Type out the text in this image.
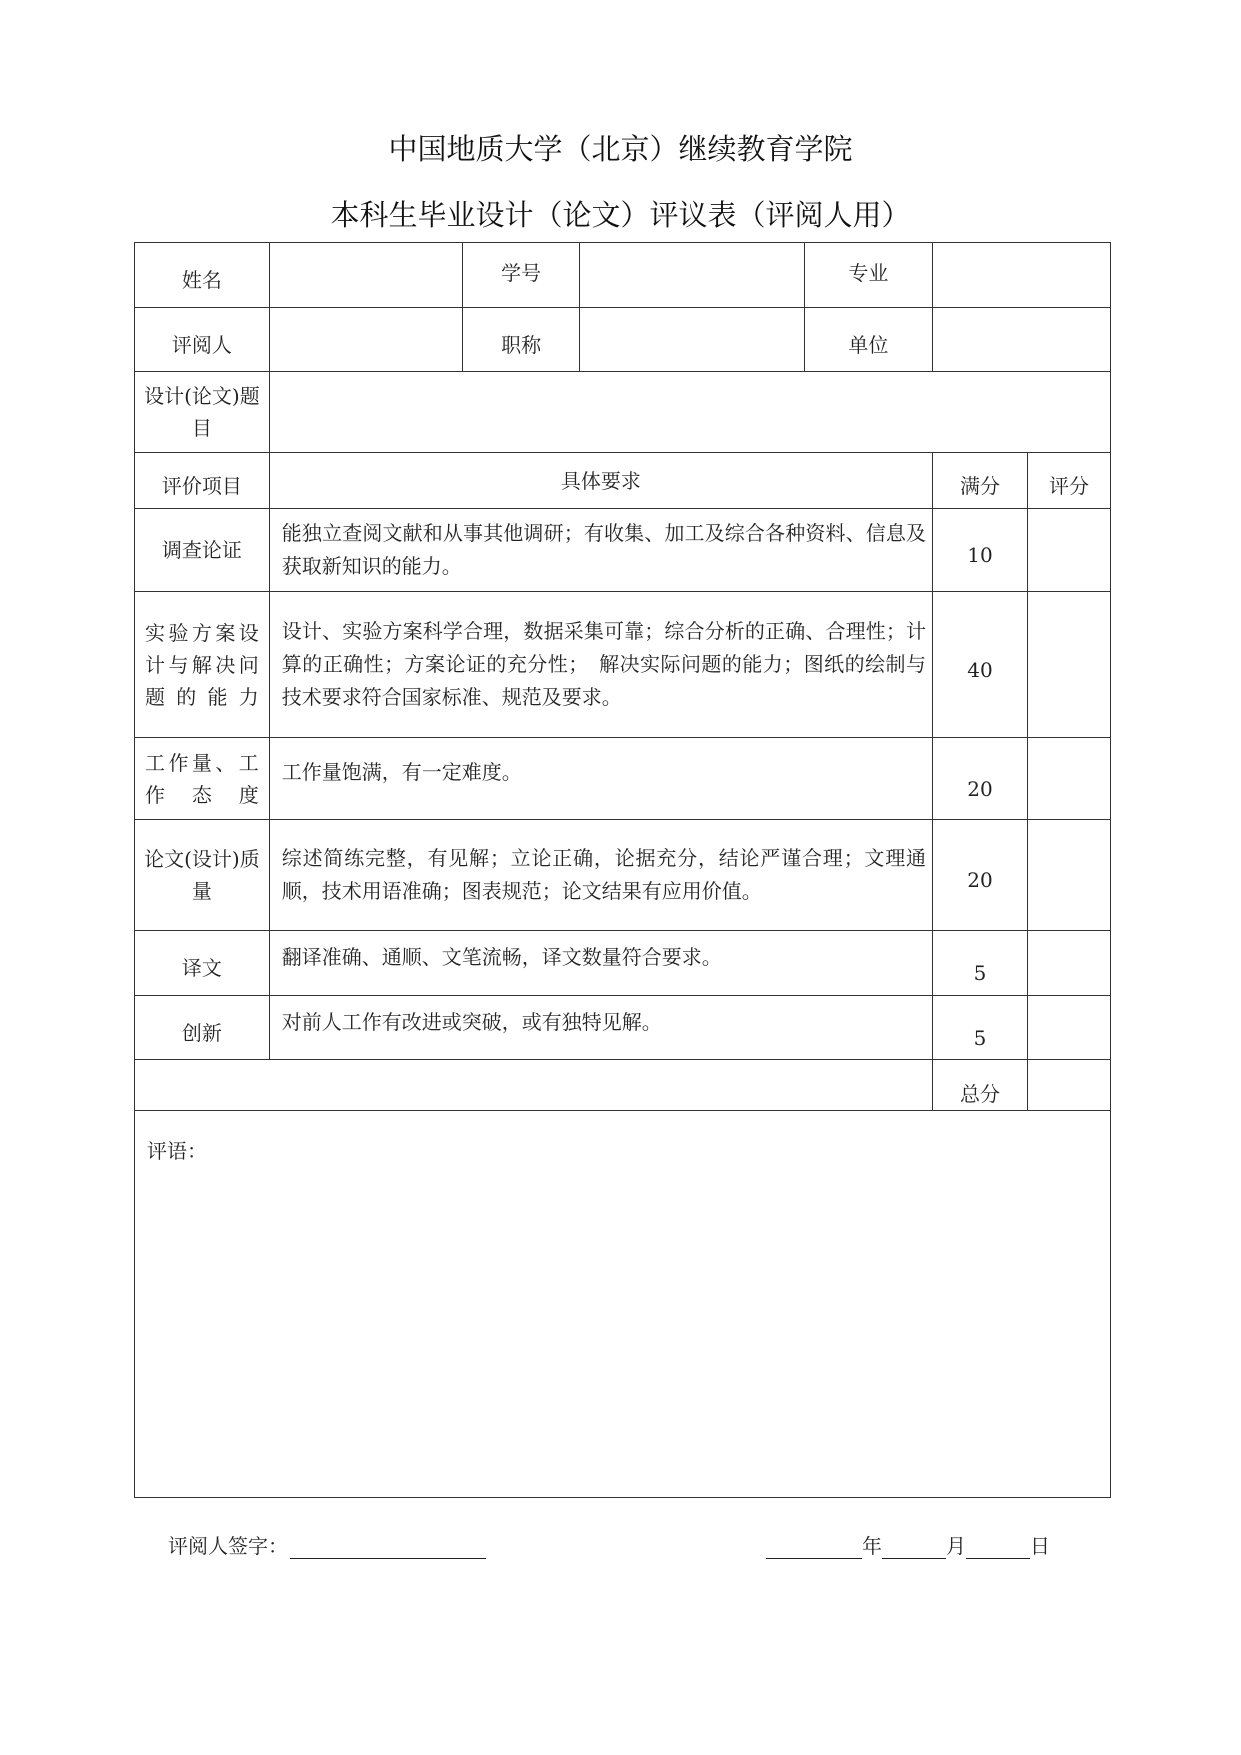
中国地质大学（北京）继续教育学院
本科生毕业设计（论文）评议表（评阅人用）
姓名		学号		专业		
评阅人		职称		单位		
设计(论文)题目						
评价项目	具体要求				满分	评分
调查论证	能独立查阅文献和从事其他调研；有收集、加工及综合各种资料、信息及获取新知识的能力。				10	
实验方案设计与解决问题的能力	设计、实验方案科学合理，数据采集可靠；综合分析的正确、合理性；计算的正确性；方案论证的充分性；　解决实际问题的能力；图纸的绘制与技术要求符合国家标准、规范及要求。				40	
工作量、工作态度	工作量饱满，有一定难度。				20	
论文(设计)质量	综述简练完整，有见解；立论正确，论据充分，结论严谨合理；文理通顺，技术用语准确；图表规范；论文结果有应用价值。				20	
译文	翻译准确、通顺、文笔流畅，译文数量符合要求。				5	
创新	对前人工作有改进或突破，或有独特见解。				5	
					总分	
评语：						
评阅人签字：	年	月	日
